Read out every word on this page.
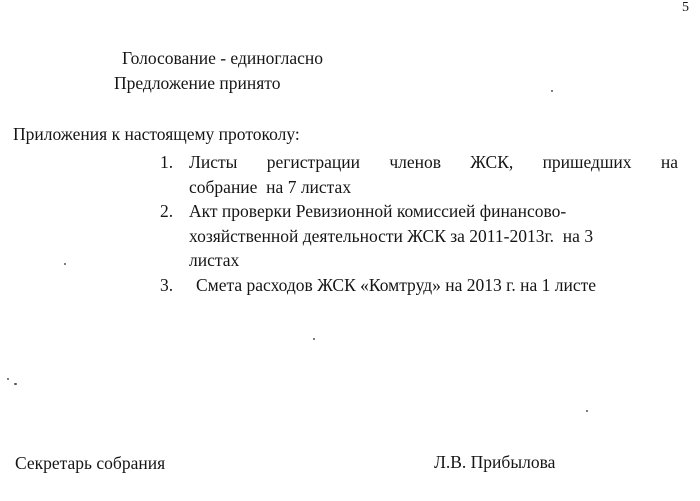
5
Голосование - единогласно
Предложение принято
Приложения к настоящему протоколу:
1. Листы регистрации членов ЖСК, пришедших на
собрание  на 7 листах
2. Акт проверки Ревизионной комиссией финансово-
хозяйственной деятельности ЖСК за 2011-2013г.  на 3
листах
3. Смета расходов ЖСК «Комтруд» на 2013 г. на 1 листе
Секретарь собрания	Л.В. Прибылова
